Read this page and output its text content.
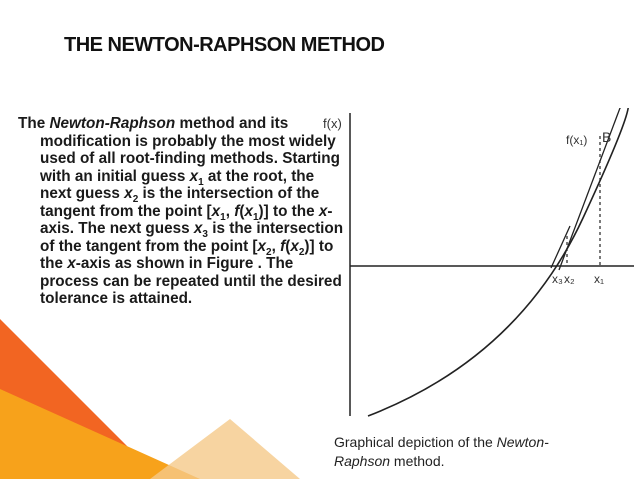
THE NEWTON-RAPHSON METHOD

The Newton-Raphson method and its modification is probably the most widely used of all root-finding methods. Starting with an initial guess $x_1$ at the root, the next guess $x_2$ is the intersection of the tangent from the point [$x_1$, $f(x_1)$] to the x-axis. The next guess $x_3$ is the intersection of the tangent from the point [$x_2$, $f(x_2)$] to the x-axis as shown in Figure . The process can be repeated until the desired tolerance is attained.

f(x)
f(x₁) B
x₃ x₂ x₁

Graphical depiction of the Newton-Raphson method.
